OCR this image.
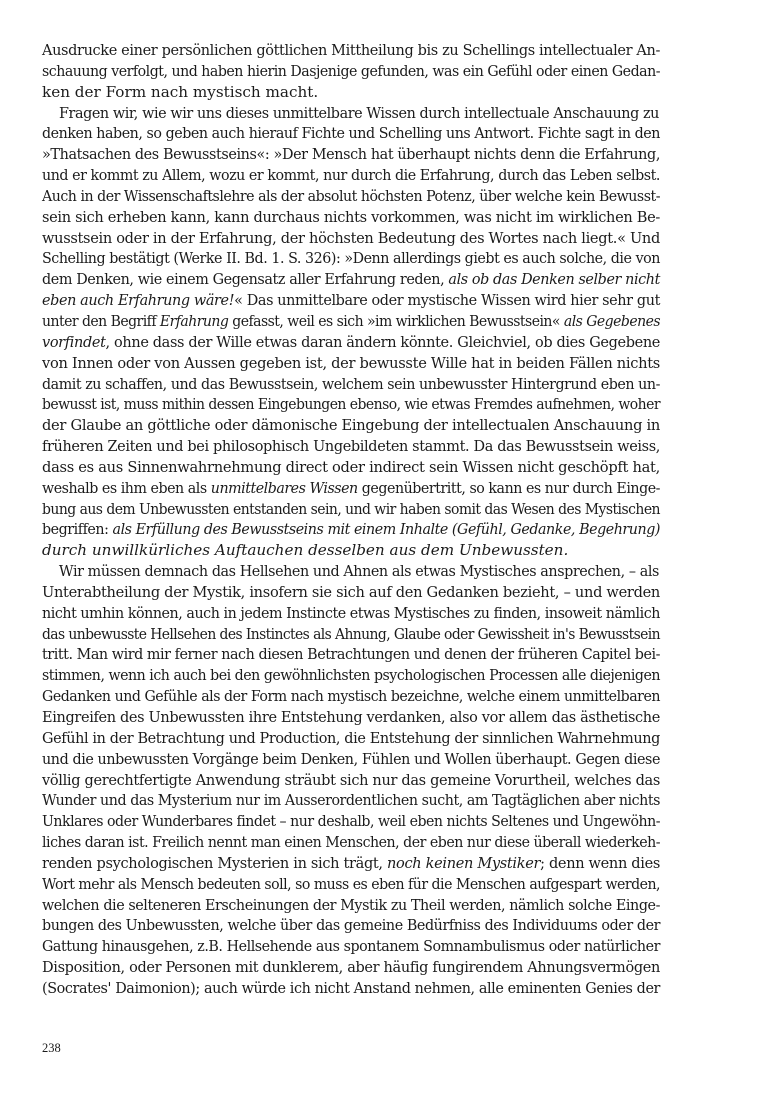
Ausdrucke einer persönlichen göttlichen Mittheilung bis zu Schellings intellectualer An-
schauung verfolgt, und haben hierin Dasjenige gefunden, was ein Gefühl oder einen Gedan-
ken der Form nach mystisch macht.
Fragen wir, wie wir uns dieses unmittelbare Wissen durch intellectuale Anschauung zu
denken haben, so geben auch hierauf Fichte und Schelling uns Antwort. Fichte sagt in den
»Thatsachen des Bewusstseins«: »Der Mensch hat überhaupt nichts denn die Erfahrung,
und er kommt zu Allem, wozu er kommt, nur durch die Erfahrung, durch das Leben selbst.
Auch in der Wissenschaftslehre als der absolut höchsten Potenz, über welche kein Bewusst-
sein sich erheben kann, kann durchaus nichts vorkommen, was nicht im wirklichen Be-
wusstsein oder in der Erfahrung, der höchsten Bedeutung des Wortes nach liegt.« Und
Schelling bestätigt (Werke II. Bd. 1. S. 326): »Denn allerdings giebt es auch solche, die von
dem Denken, wie einem Gegensatz aller Erfahrung reden, als ob das Denken selber nicht
eben auch Erfahrung wäre!« Das unmittelbare oder mystische Wissen wird hier sehr gut
unter den Begriff Erfahrung gefasst, weil es sich »im wirklichen Bewusstsein« als Gegebenes
vorfindet, ohne dass der Wille etwas daran ändern könnte. Gleichviel, ob dies Gegebene
von Innen oder von Aussen gegeben ist, der bewusste Wille hat in beiden Fällen nichts
damit zu schaffen, und das Bewusstsein, welchem sein unbewusster Hintergrund eben un-
bewusst ist, muss mithin dessen Eingebungen ebenso, wie etwas Fremdes aufnehmen, woher
der Glaube an göttliche oder dämonische Eingebung der intellectualen Anschauung in
früheren Zeiten und bei philosophisch Ungebildeten stammt. Da das Bewusstsein weiss,
dass es aus Sinnenwahrnehmung direct oder indirect sein Wissen nicht geschöpft hat,
weshalb es ihm eben als unmittelbares Wissen gegenübertritt, so kann es nur durch Einge-
bung aus dem Unbewussten entstanden sein, und wir haben somit das Wesen des Mystischen
begriffen: als Erfüllung des Bewusstseins mit einem Inhalte (Gefühl, Gedanke, Begehrung)
durch unwillkürliches Auftauchen desselben aus dem Unbewussten.
Wir müssen demnach das Hellsehen und Ahnen als etwas Mystisches ansprechen, – als
Unterabtheilung der Mystik, insofern sie sich auf den Gedanken bezieht, – und werden
nicht umhin können, auch in jedem Instincte etwas Mystisches zu finden, insoweit nämlich
das unbewusste Hellsehen des Instinctes als Ahnung, Glaube oder Gewissheit in's Bewusstsein
tritt. Man wird mir ferner nach diesen Betrachtungen und denen der früheren Capitel bei-
stimmen, wenn ich auch bei den gewöhnlichsten psychologischen Processen alle diejenigen
Gedanken und Gefühle als der Form nach mystisch bezeichne, welche einem unmittelbaren
Eingreifen des Unbewussten ihre Entstehung verdanken, also vor allem das ästhetische
Gefühl in der Betrachtung und Production, die Entstehung der sinnlichen Wahrnehmung
und die unbewussten Vorgänge beim Denken, Fühlen und Wollen überhaupt. Gegen diese
völlig gerechtfertigte Anwendung sträubt sich nur das gemeine Vorurtheil, welches das
Wunder und das Mysterium nur im Ausserordentlichen sucht, am Tagtäglichen aber nichts
Unklares oder Wunderbares findet – nur deshalb, weil eben nichts Seltenes und Ungewöhn-
liches daran ist. Freilich nennt man einen Menschen, der eben nur diese überall wiederkeh-
renden psychologischen Mysterien in sich trägt, noch keinen Mystiker; denn wenn dies
Wort mehr als Mensch bedeuten soll, so muss es eben für die Menschen aufgespart werden,
welchen die selteneren Erscheinungen der Mystik zu Theil werden, nämlich solche Einge-
bungen des Unbewussten, welche über das gemeine Bedürfniss des Individuums oder der
Gattung hinausgehen, z.B. Hellsehende aus spontanem Somnambulismus oder natürlicher
Disposition, oder Personen mit dunklerem, aber häufig fungirendem Ahnungsvermögen
(Socrates' Daimonion); auch würde ich nicht Anstand nehmen, alle eminenten Genies der
238
